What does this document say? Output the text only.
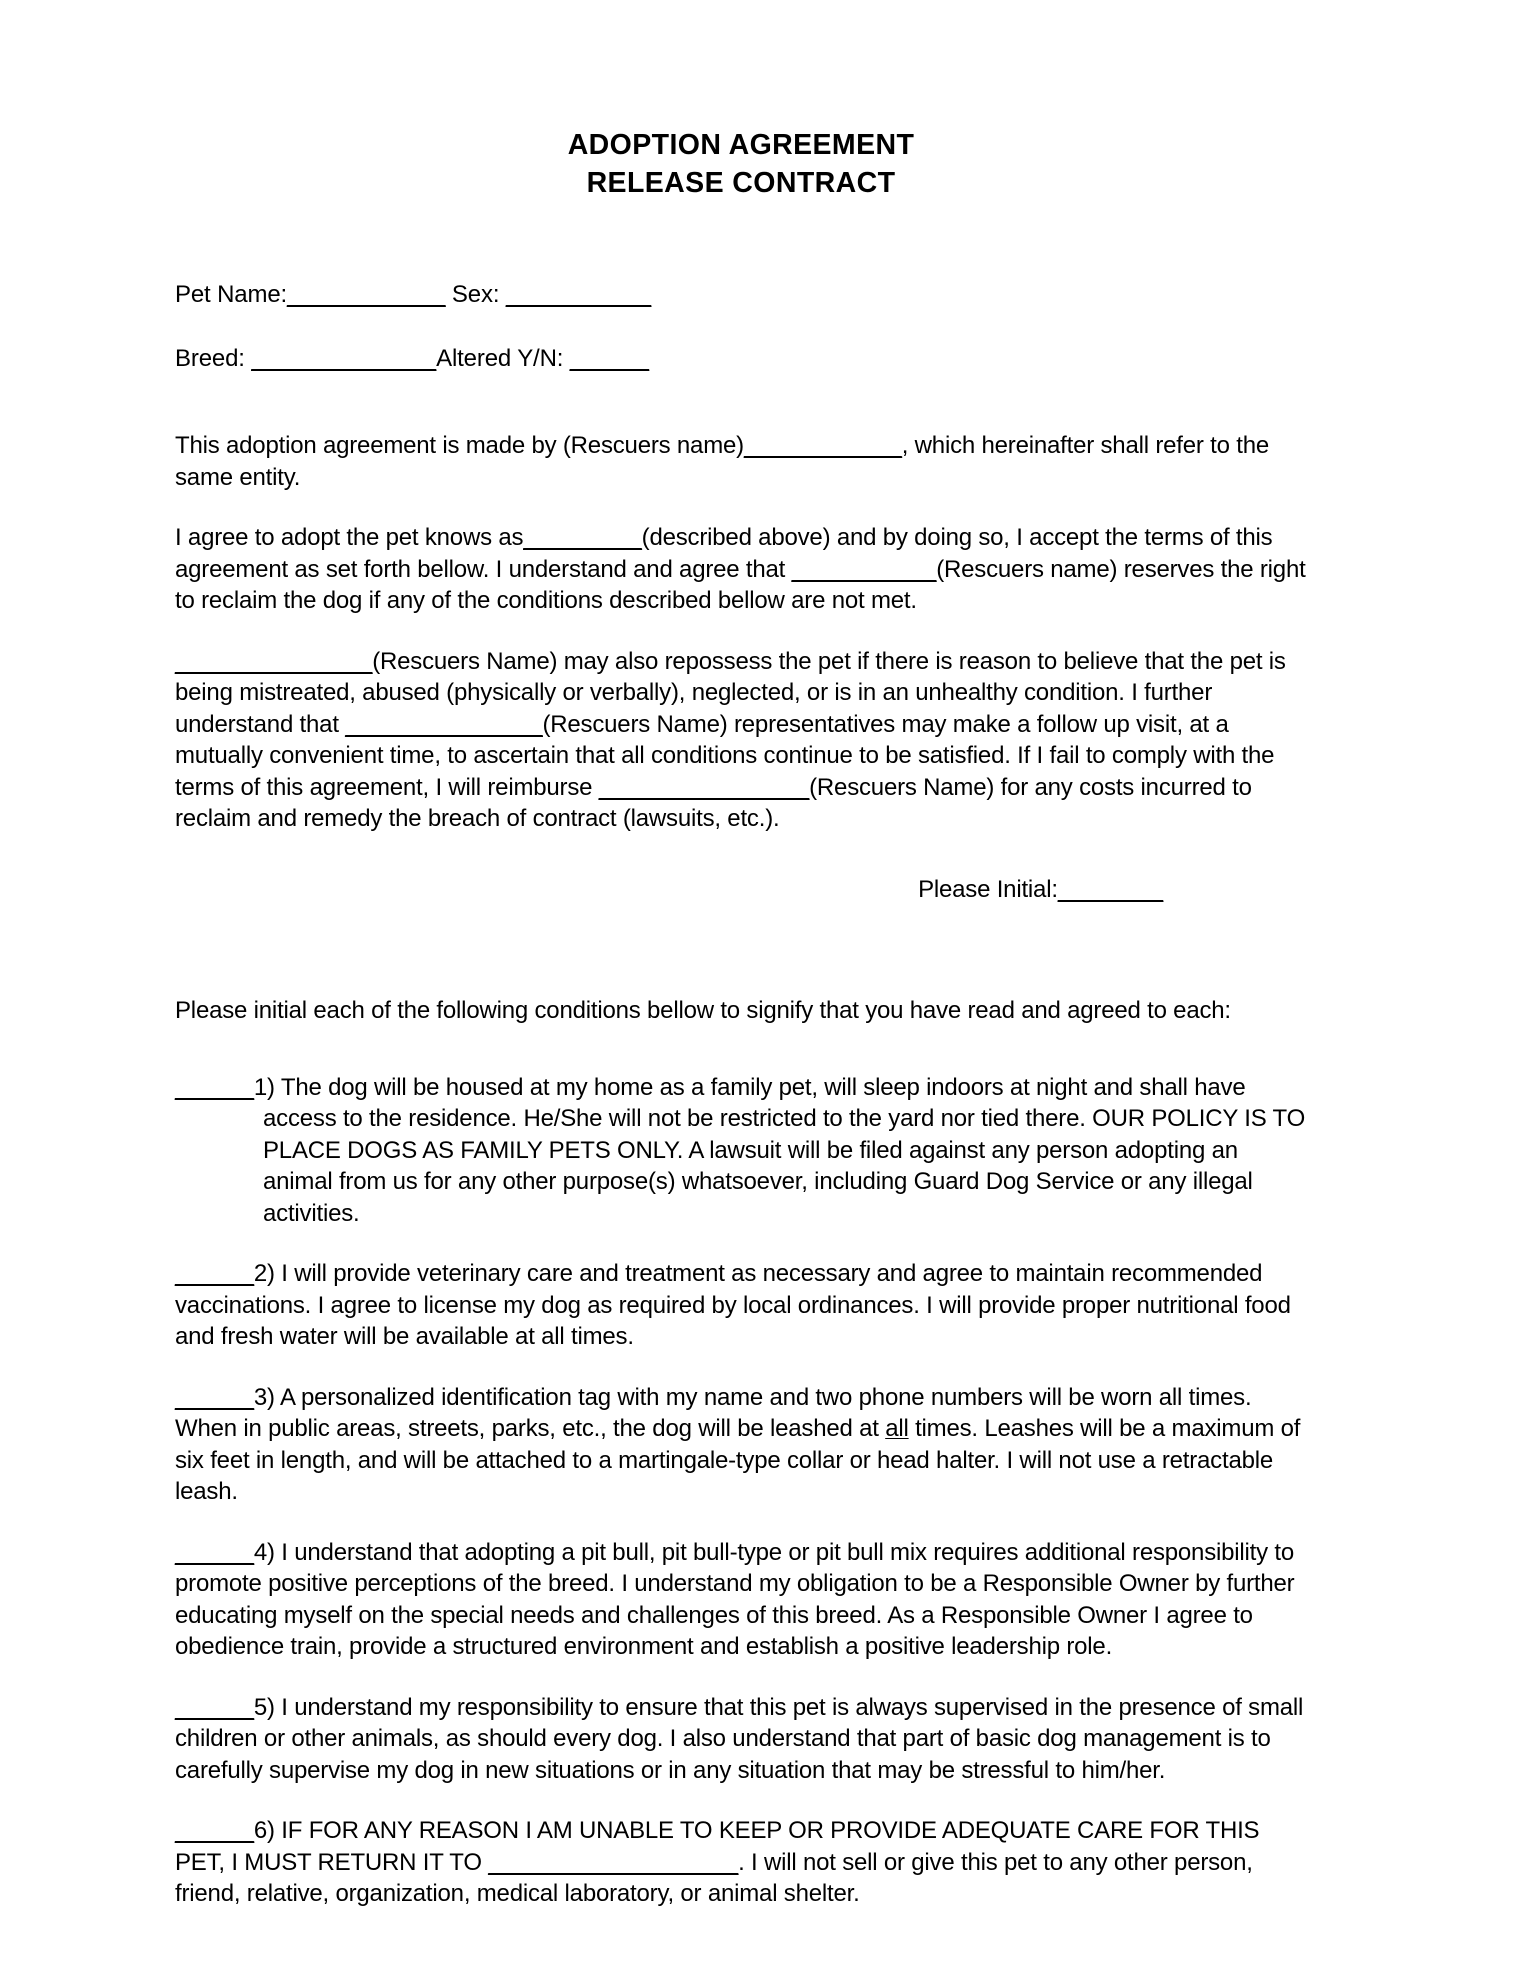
ADOPTION AGREEMENT
RELEASE CONTRACT
Pet Name:____________ Sex: ___________
Breed: ______________Altered Y/N: ______

This adoption agreement is made by (Rescuers name)____________, which hereinafter shall refer to the same entity.

I agree to adopt the pet knows as_________(described above) and by doing so, I accept the terms of this agreement as set forth bellow. I understand and agree that ___________(Rescuers name) reserves the right to reclaim the dog if any of the conditions described bellow are not met.

_______________(Rescuers Name) may also repossess the pet if there is reason to believe that the pet is being mistreated, abused (physically or verbally), neglected, or is in an unhealthy condition. I further understand that _______________(Rescuers Name) representatives may make a follow up visit, at a mutually convenient time, to ascertain that all conditions continue to be satisfied. If I fail to comply with the terms of this agreement, I will reimburse ________________(Rescuers Name) for any costs incurred to reclaim and remedy the breach of contract (lawsuits, etc.).

Please Initial:________
Please initial each of the following conditions bellow to signify that you have read and agreed to each:

______1) The dog will be housed at my home as a family pet, will sleep indoors at night and shall have access to the residence. He/She will not be restricted to the yard nor tied there. OUR POLICY IS TO PLACE DOGS AS FAMILY PETS ONLY. A lawsuit will be filed against any person adopting an animal from us for any other purpose(s) whatsoever, including Guard Dog Service or any illegal activities.

______2) I will provide veterinary care and treatment as necessary and agree to maintain recommended vaccinations. I agree to license my dog as required by local ordinances. I will provide proper nutritional food and fresh water will be available at all times.

______3) A personalized identification tag with my name and two phone numbers will be worn all times. When in public areas, streets, parks, etc., the dog will be leashed at all times. Leashes will be a maximum of six feet in length, and will be attached to a martingale-type collar or head halter. I will not use a retractable leash.

______4) I understand that adopting a pit bull, pit bull-type or pit bull mix requires additional responsibility to promote positive perceptions of the breed. I understand my obligation to be a Responsible Owner by further educating myself on the special needs and challenges of this breed. As a Responsible Owner I agree to obedience train, provide a structured environment and establish a positive leadership role.

______5) I understand my responsibility to ensure that this pet is always supervised in the presence of small children or other animals, as should every dog. I also understand that part of basic dog management is to carefully supervise my dog in new situations or in any situation that may be stressful to him/her.

______6) IF FOR ANY REASON I AM UNABLE TO KEEP OR PROVIDE ADEQUATE CARE FOR THIS PET, I MUST RETURN IT TO ___________________. I will not sell or give this pet to any other person, friend, relative, organization, medical laboratory, or animal shelter.
